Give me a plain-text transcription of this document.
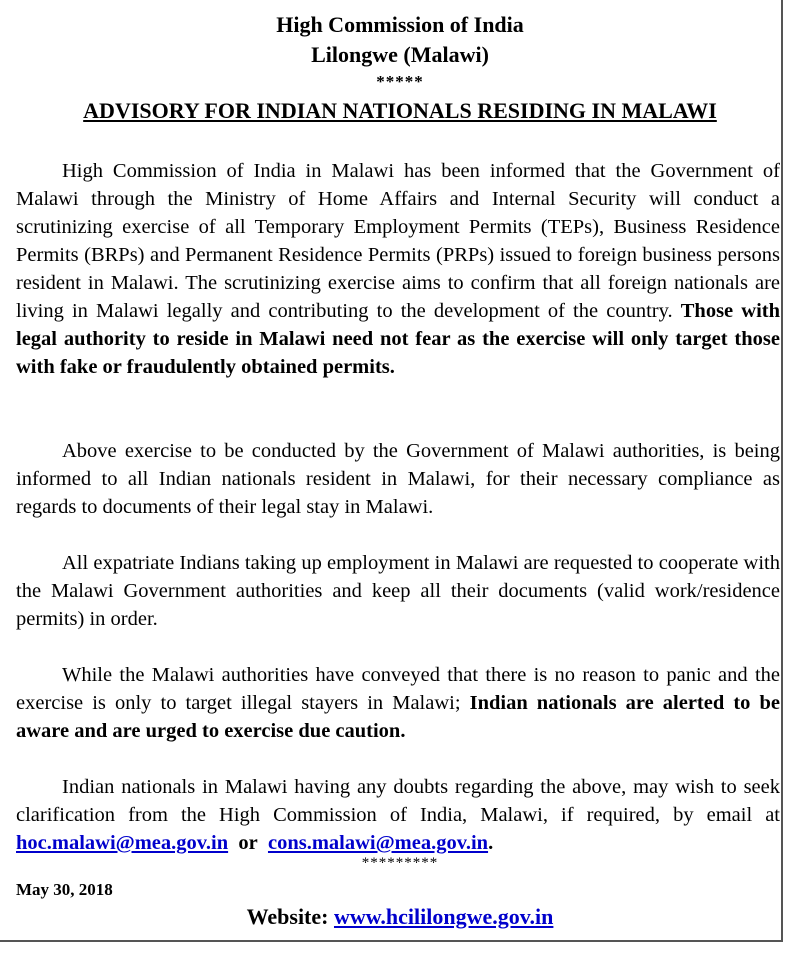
High Commission of India
Lilongwe (Malawi)
*****
ADVISORY FOR INDIAN NATIONALS RESIDING IN MALAWI

High Commission of India in Malawi has been informed that the Government of Malawi through the Ministry of Home Affairs and Internal Security will conduct a scrutinizing exercise of all Temporary Employment Permits (TEPs), Business Residence Permits (BRPs) and Permanent Residence Permits (PRPs) issued to foreign business persons resident in Malawi. The scrutinizing exercise aims to confirm that all foreign nationals are living in Malawi legally and contributing to the development of the country. Those with legal authority to reside in Malawi need not fear as the exercise will only target those with fake or fraudulently obtained permits.

Above exercise to be conducted by the Government of Malawi authorities, is being informed to all Indian nationals resident in Malawi, for their necessary compliance as regards to documents of their legal stay in Malawi.

All expatriate Indians taking up employment in Malawi are requested to cooperate with the Malawi Government authorities and keep all their documents (valid work/residence permits) in order.

While the Malawi authorities have conveyed that there is no reason to panic and the exercise is only to target illegal stayers in Malawi; Indian nationals are alerted to be aware and are urged to exercise due caution.

Indian nationals in Malawi having any doubts regarding the above, may wish to seek clarification from the High Commission of India, Malawi, if required, by email at hoc.malawi@mea.gov.in or cons.malawi@mea.gov.in.

*********
May 30, 2018
Website: www.hcililongwe.gov.in
